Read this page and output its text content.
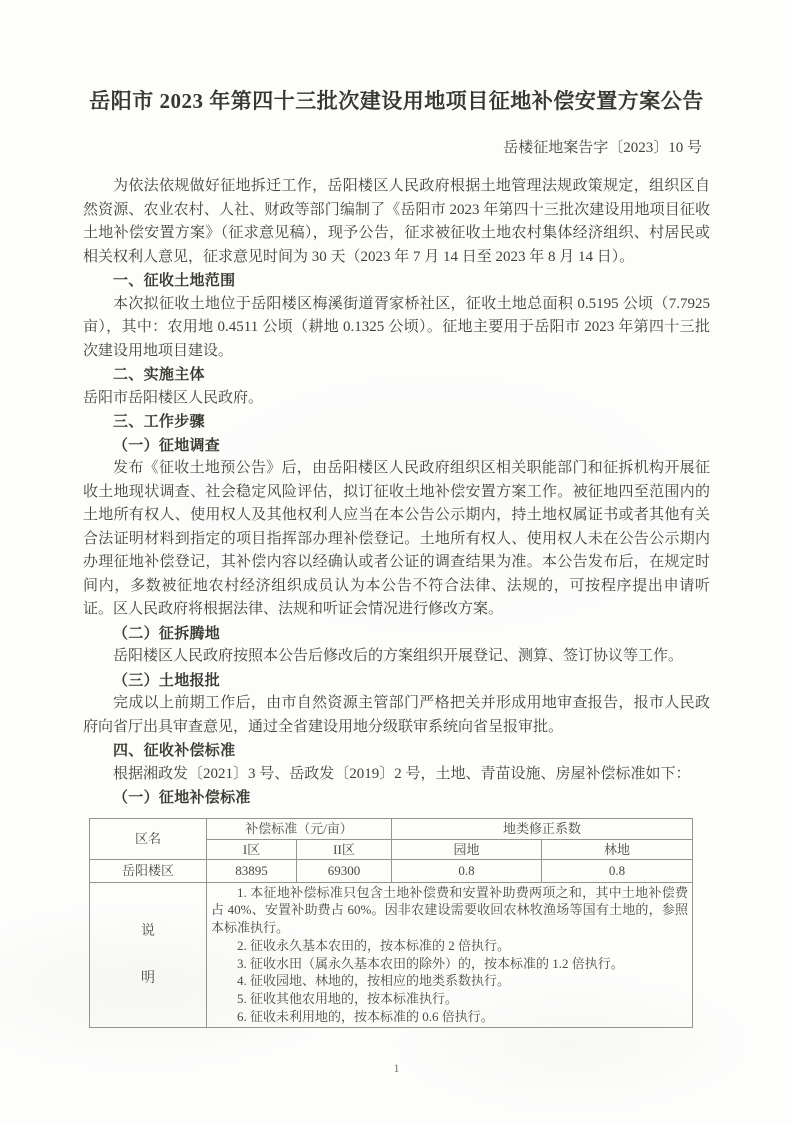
岳阳市 2023 年第四十三批次建设用地项目征地补偿安置方案公告
岳楼征地案告字〔2023〕10 号

为依法依规做好征地拆迁工作，岳阳楼区人民政府根据土地管理法规政策规定，组织区自然资源、农业农村、人社、财政等部门编制了《岳阳市 2023 年第四十三批次建设用地项目征收土地补偿安置方案》（征求意见稿），现予公告，征求被征收土地农村集体经济组织、村居民或相关权利人意见，征求意见时间为 30 天（2023 年 7 月 14 日至 2023 年 8 月 14 日）。

一、征收土地范围

本次拟征收土地位于岳阳楼区梅溪街道胥家桥社区，征收土地总面积 0.5195 公顷（7.7925 亩），其中：农用地 0.4511 公顷（耕地 0.1325 公顷）。征地主要用于岳阳市 2023 年第四十三批次建设用地项目建设。

二、实施主体

岳阳市岳阳楼区人民政府。

三、工作步骤
（一）征地调查

发布《征收土地预公告》后，由岳阳楼区人民政府组织区相关职能部门和征拆机构开展征收土地现状调查、社会稳定风险评估，拟订征收土地补偿安置方案工作。被征地四至范围内的土地所有权人、使用权人及其他权利人应当在本公告公示期内，持土地权属证书或者其他有关合法证明材料到指定的项目指挥部办理补偿登记。土地所有权人、使用权人未在公告公示期内办理征地补偿登记，其补偿内容以经确认或者公证的调查结果为准。本公告发布后，在规定时间内，多数被征地农村经济组织成员认为本公告不符合法律、法规的，可按程序提出申请听证。区人民政府将根据法律、法规和听证会情况进行修改方案。

（二）征拆腾地

岳阳楼区人民政府按照本公告后修改后的方案组织开展登记、测算、签订协议等工作。

（三）土地报批

完成以上前期工作后，由市自然资源主管部门严格把关并形成用地审查报告，报市人民政府向省厅出具审查意见，通过全省建设用地分级联审系统向省呈报审批。

四、征收补偿标准

根据湘政发〔2021〕3 号、岳政发〔2019〕2 号，土地、青苗设施、房屋补偿标准如下：

（一）征地补偿标准
区名	补偿标准（元/亩）		地类修正系数	
	I区	II区	园地	林地
岳阳楼区	83895	69300	0.8	0.8

说
明

1. 本征地补偿标准只包含土地补偿费和安置补助费两项之和，其中土地补偿费占 40%、安置补助费占 60%。因非农建设需要收回农林牧渔场等国有土地的，参照本标准执行。

2. 征收永久基本农田的，按本标准的 2 倍执行。

3. 征收水田（属永久基本农田的除外）的，按本标准的 1.2 倍执行。

4. 征收园地、林地的，按相应的地类系数执行。

5. 征收其他农用地的，按本标准执行。

6. 征收未利用地的，按本标准的 0.6 倍执行。

1
